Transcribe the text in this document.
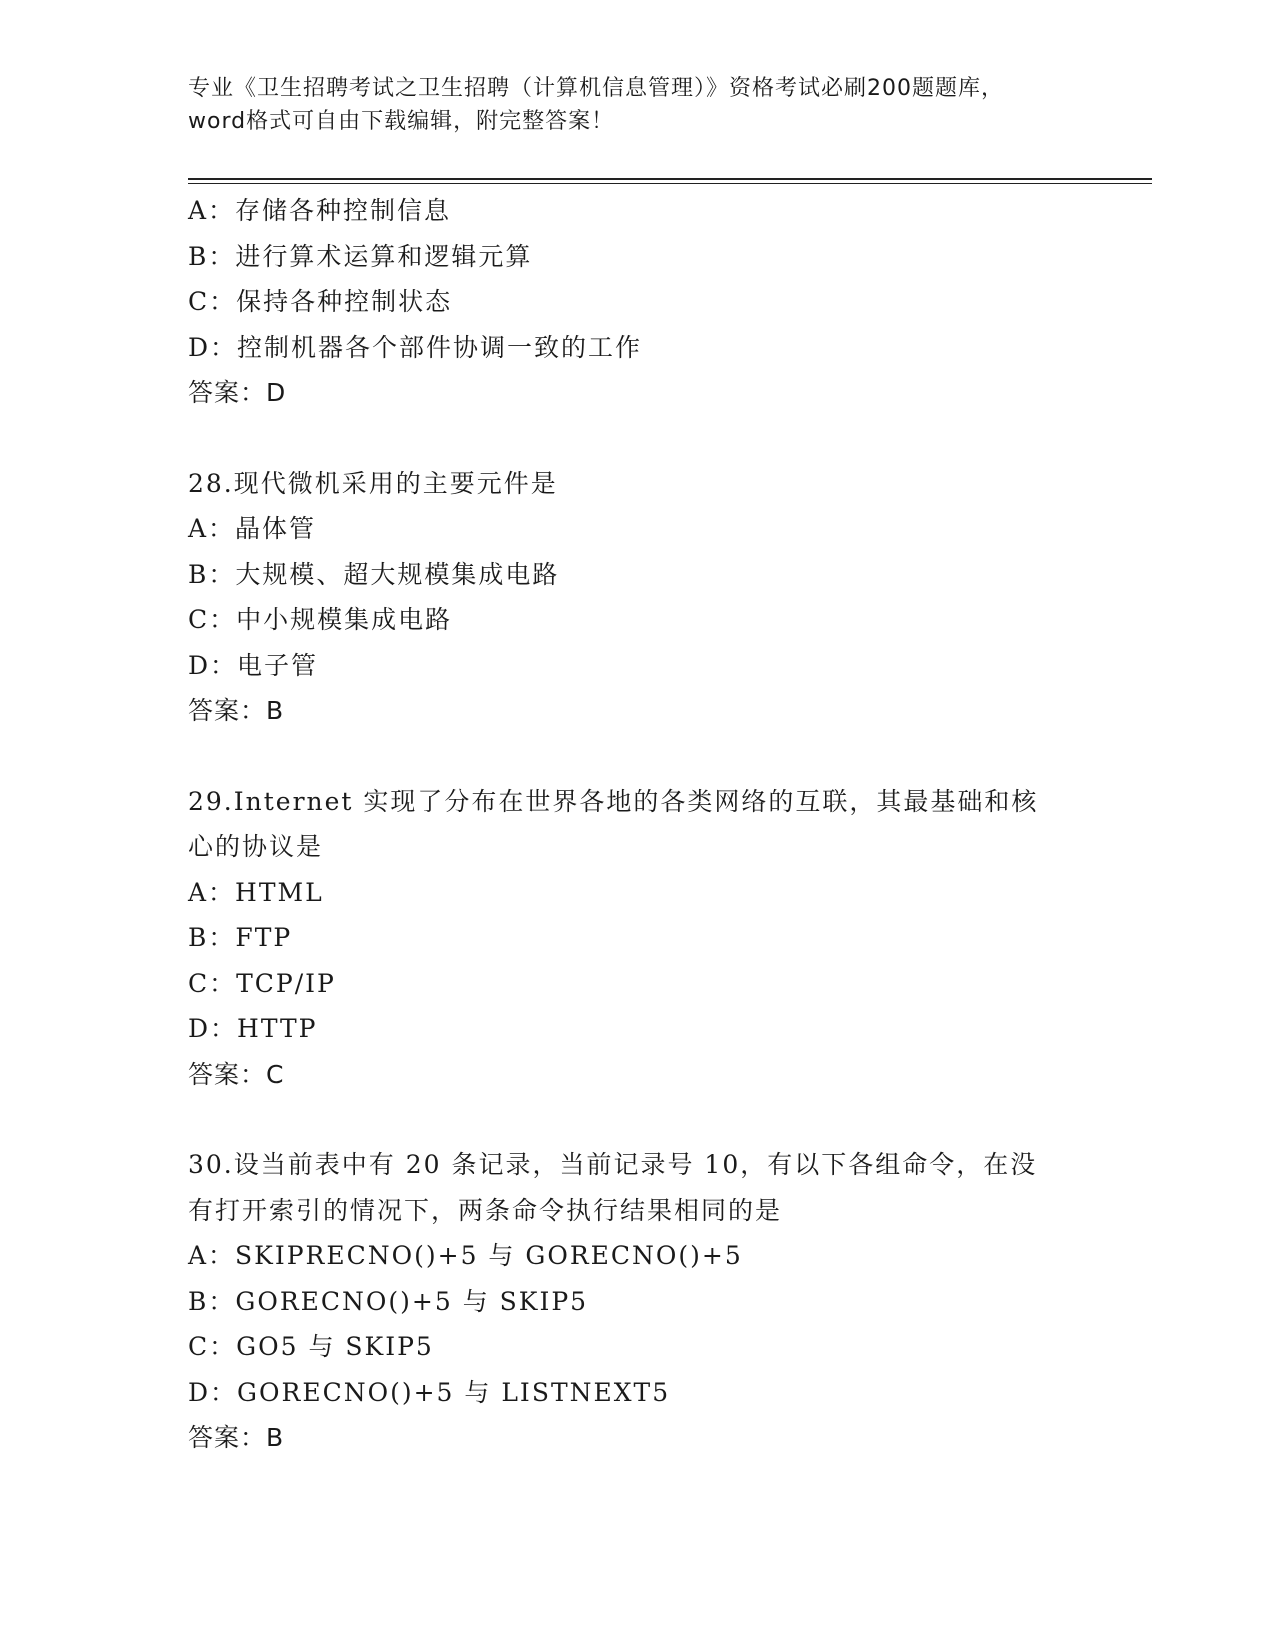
专业《卫生招聘考试之卫生招聘（计算机信息管理）》资格考试必刷200题题库，
word格式可自由下载编辑，附完整答案！
A：存储各种控制信息
B：进行算术运算和逻辑元算
C：保持各种控制状态
D：控制机器各个部件协调一致的工作
答案：D
28.现代微机采用的主要元件是
A：晶体管
B：大规模、超大规模集成电路
C：中小规模集成电路
D：电子管
答案：B
29.Internet 实现了分布在世界各地的各类网络的互联，其最基础和核
心的协议是
A：HTML
B：FTP
C：TCP/IP
D：HTTP
答案：C
30.设当前表中有 20 条记录，当前记录号 10，有以下各组命令，在没
有打开索引的情况下，两条命令执行结果相同的是
A：SKIPRECNO()+5 与 GORECNO()+5
B：GORECNO()+5 与 SKIP5
C：GO5 与 SKIP5
D：GORECNO()+5 与 LISTNEXT5
答案：B
